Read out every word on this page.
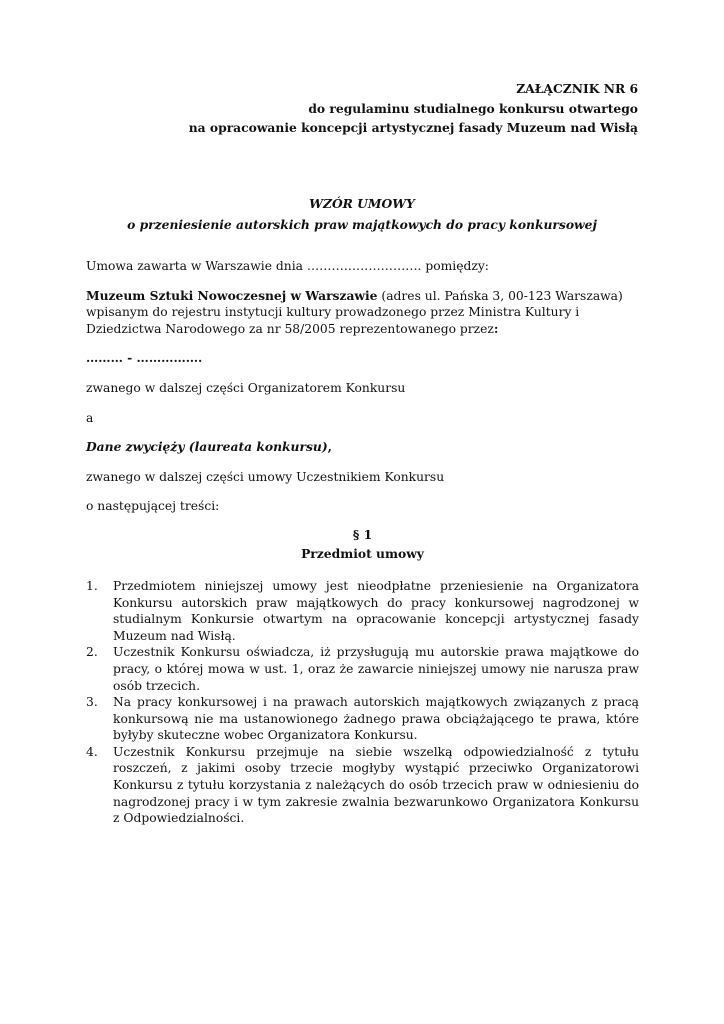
ZAŁĄCZNIK NR 6
do regulaminu studialnego konkursu otwartego
na opracowanie koncepcji artystycznej fasady Muzeum nad Wisłą
WZÓR UMOWY
o przeniesienie autorskich praw majątkowych do pracy konkursowej

Umowa zawarta w Warszawie dnia ………………………. pomiędzy:

Muzeum Sztuki Nowoczesnej w Warszawie (adres ul. Pańska 3, 00-123 Warszawa) wpisanym do rejestru instytucji kultury prowadzonego przez Ministra Kultury i Dziedzictwa Narodowego za nr 58/2005 reprezentowanego przez:

……… - …………….

zwanego w dalszej części Organizatorem Konkursu

a

Dane zwycięży (laureata konkursu),

zwanego w dalszej części umowy Uczestnikiem Konkursu

o następującej treści:

§ 1
Przedmiot umowy
1. Przedmiotem niniejszej umowy jest nieodpłatne przeniesienie na Organizatora Konkursu autorskich praw majątkowych do pracy konkursowej nagrodzonej w studialnym Konkursie otwartym na opracowanie koncepcji artystycznej fasady Muzeum nad Wisłą.
2. Uczestnik Konkursu oświadcza, iż przysługują mu autorskie prawa majątkowe do pracy, o której mowa w ust. 1, oraz że zawarcie niniejszej umowy nie narusza praw osób trzecich.
3. Na pracy konkursowej i na prawach autorskich majątkowych związanych z pracą konkursową nie ma ustanowionego żadnego prawa obciążającego te prawa, które byłyby skuteczne wobec Organizatora Konkursu.
4. Uczestnik Konkursu przejmuje na siebie wszelką odpowiedzialność z tytułu roszczeń, z jakimi osoby trzecie mogłyby wystąpić przeciwko Organizatorowi Konkursu z tytułu korzystania z należących do osób trzecich praw w odniesieniu do nagrodzonej pracy i w tym zakresie zwalnia bezwarunkowo Organizatora Konkursu z Odpowiedzialności.
